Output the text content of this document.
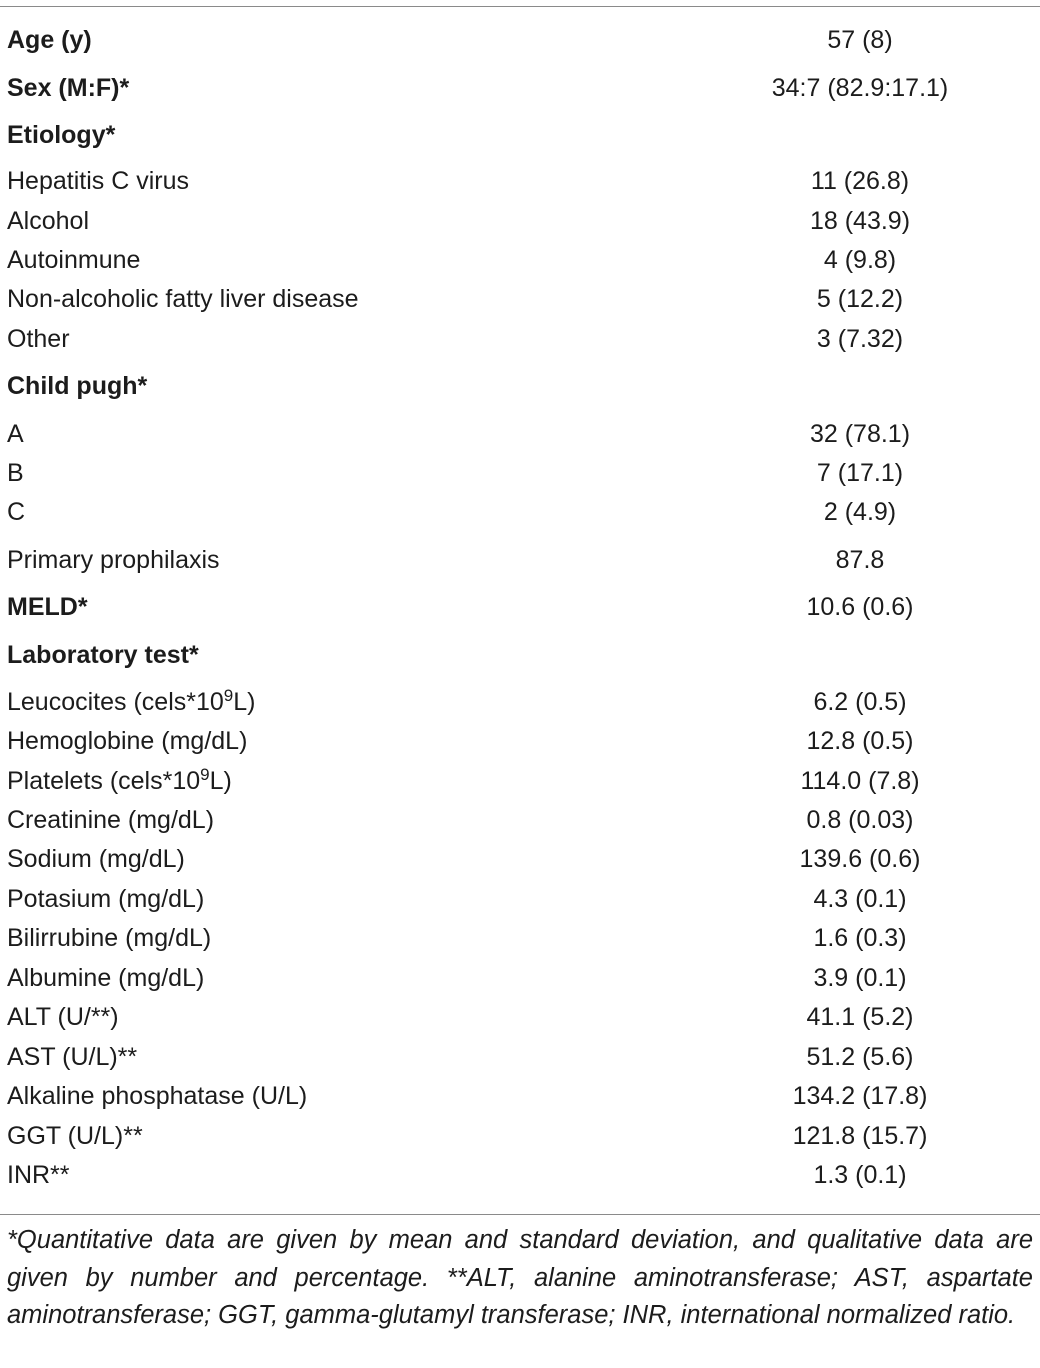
Age (y)	57 (8)
Sex (M:F)*	34:7 (82.9:17.1)
Etiology*
Hepatitis C virus	11 (26.8)
Alcohol	18 (43.9)
Autoinmune	4 (9.8)
Non-alcoholic fatty liver disease	5 (12.2)
Other	3 (7.32)
Child pugh*
A	32 (78.1)
B	7 (17.1)
C	2 (4.9)
Primary prophilaxis	87.8
MELD*	10.6 (0.6)
Laboratory test*
Leucocites $(cels*10^9L)$	6.2 (0.5)
Hemoglobine (mg/dL)	12.8 (0.5)
Platelets $(cels*10^9L)$	114.0 (7.8)
Creatinine (mg/dL)	0.8 (0.03)
Sodium (mg/dL)	139.6 (0.6)
Potasium (mg/dL)	4.3 (0.1)
Bilirrubine (mg/dL)	1.6 (0.3)
Albumine (mg/dL)	3.9 (0.1)
ALT (U/**)	41.1 (5.2)
AST (U/L)**	51.2 (5.6)
Alkaline phosphatase (U/L)	134.2 (17.8)
GGT (U/L)**	121.8 (15.7)
INR**	1.3 (0.1)
*Quantitative data are given by mean and standard deviation, and qualitative data are given by number and percentage. **ALT, alanine aminotransferase; AST, aspartate aminotransferase; GGT, gamma-glutamyl transferase; INR, international normalized ratio.
